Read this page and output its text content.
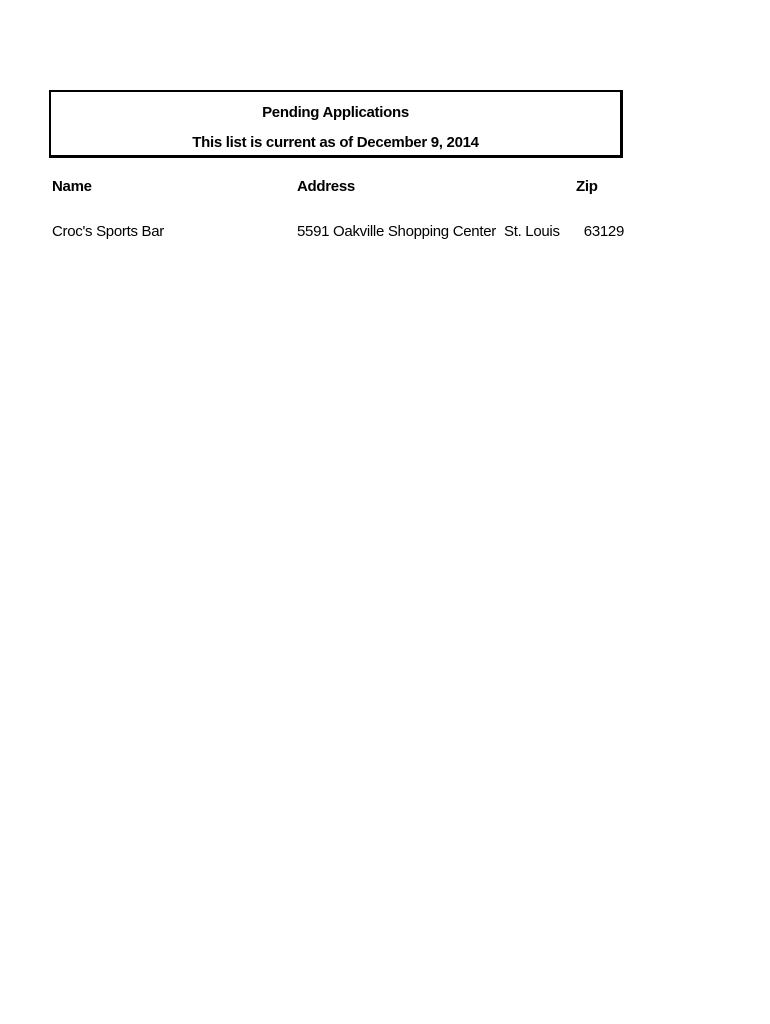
Pending Applications
This list is current as of December 9, 2014
Name	Address	Zip
Croc's Sports Bar	5591 Oakville Shopping Center St. Louis 63129
